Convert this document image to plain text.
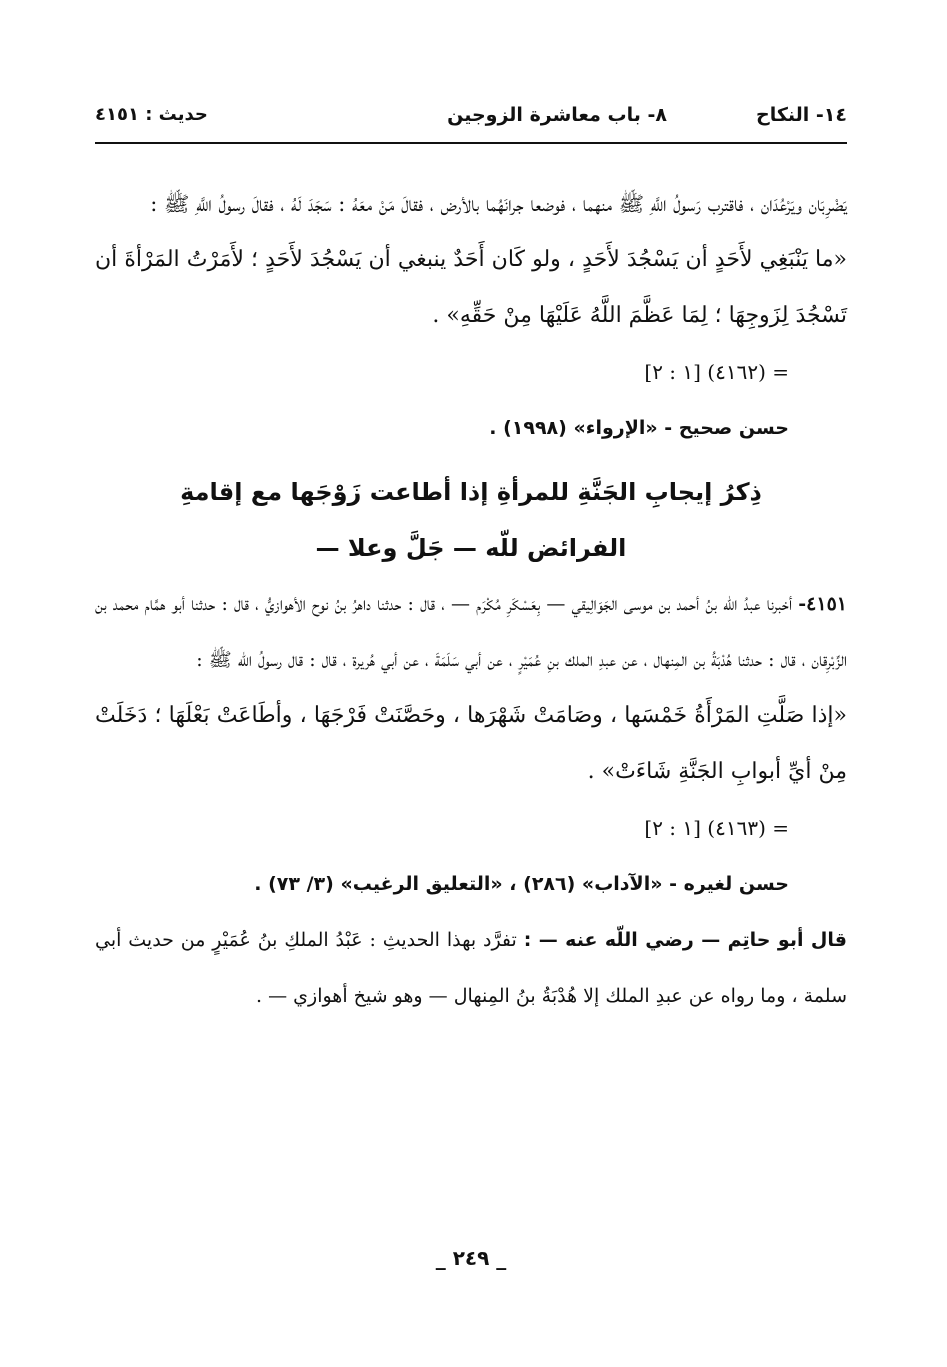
١٤- النكاح
٨- باب معاشرة الزوجين
حديث : ٤١٥١

يَضْرِبَان ويَرْعُدَان ، فاقترب رَسولُ اللَّهِ ﷺ منهما ، فوضعا جرانَهُما بالأرض ، فقالَ مَنْ معَهُ : سَجَدَ لَهُ ، فقالَ رسولُ اللَّهِ ﷺ :

«ما يَنْبَغِي لأَحَدٍ أن يَسْجُدَ لأَحَدٍ ، ولو كَان أَحَدٌ ينبغي أن يَسْجُدَ لأَحَدٍ ؛ لأَمَرْتُ المَرْأةَ أن تَسْجُدَ لِزَوجِهَا ؛ لِمَا عَظَّمَ اللَّهُ عَلَيْهَا مِنْ حَقِّهِ» .

= (٤١٦٢) [١ : ٢]

حسن صحيح - «الإرواء» (١٩٩٨) .

ذِكرُ إيجابِ الجَنَّةِ للمرأةِ إذا أطاعت زَوْجَها مع إقامةِ
الفرائض للّه — جَلَّ وعلا —

٤١٥١- أخبرنا عبدُ اللّه بنُ أحمد بن موسى الجَوَالِيقي — بِعَسْكَرِ مُكْرَم — ، قال : حدثنا داهرُ بنُ نوح الأهوازيُّ ، قال : حدثنا أبو همَّام محمد بن الزِّبْرِقان ، قال : حدثنا هُدْبَةُ بن المِنهال ، عن عبدِ الملك بنِ عُمَيْرٍ ، عن أبي سَلَمَةَ ، عن أبي هُريرة ، قال : قال رسولُ اللّه ﷺ :

«إذا صَلَّتِ المَرْأَةُ خَمْسَها ، وصَامَتْ شَهْرَها ، وحَصَّنَتْ فَرْجَهَا ، وأطَاعَتْ بَعْلَهَا ؛ دَخَلَتْ مِنْ أيِّ أبوابِ الجَنَّةِ شَاءَتْ» .

= (٤١٦٣) [١ : ٢]

حسن لغيره - «الآداب» (٢٨٦) ، «التعليق الرغيب» (٣/ ٧٣) .

قال أبو حاتِم — رضي اللّه عنه — : تفرَّد بهذا الحديثِ : عَبْدُ الملكِ بنُ عُمَيْرٍ من حديث أبي سلمة ، وما رواه عن عبدِ الملك إلا هُدْبَةُ بنُ المِنهال — وهو شيخ أهوازي — .

_ ٢٤٩ _
